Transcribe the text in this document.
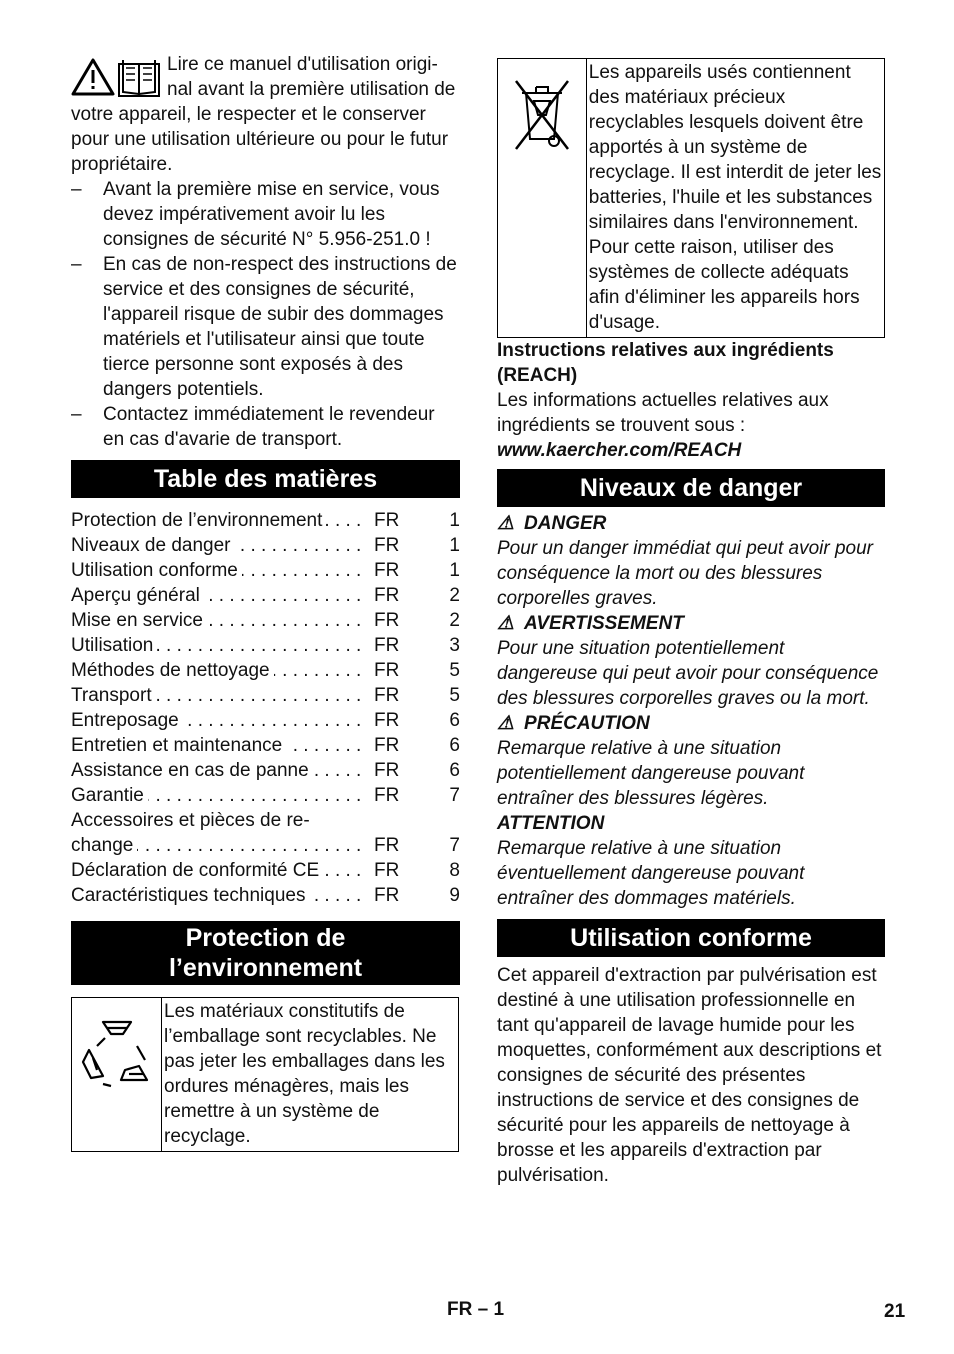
Lire ce manuel d'utilisation origi-nal avant la première utilisation de votre appareil, le respecter et le conserver pour une utilisation ultérieure ou pour le futur propriétaire.

– Avant la première mise en service, vous devez impérativement avoir lu les consignes de sécurité N° 5.956-251.0 !
– En cas de non-respect des instructions de service et des consignes de sécurité, l'appareil risque de subir des dommages matériels et l'utilisateur ainsi que toute tierce personne sont exposés à des dangers potentiels.
– Contactez immédiatement le revendeur en cas d'avarie de transport.
Table des matières
Protection de l’environnement . . .	FR	1
Niveaux de danger . . .	FR	1
Utilisation conforme . . .	FR	1
Aperçu général . . .	FR	2
Mise en service . . .	FR	2
Utilisation . . .	FR	3
Méthodes de nettoyage . . .	FR	5
Transport . . .	FR	5
Entreposage . . .	FR	6
Entretien et maintenance . . .	FR	6
Assistance en cas de panne . . .	FR	6
Garantie . . .	FR	7
Accessoires et pièces de re-
change . . .	FR	7
Déclaration de conformité CE . . .	FR	8
Caractéristiques techniques . . .	FR	9
Protection de l’environnement
Les matériaux constitutifs de l’emballage sont recyclables. Ne pas jeter les emballages dans les ordures ménagères, mais les remettre à un système de recyclage.
Les appareils usés contiennent des matériaux précieux recyclables lesquels doivent être apportés à un système de recyclage. Il est interdit de jeter les batteries, l'huile et les substances similaires dans l'environnement. Pour cette raison, utiliser des systèmes de collecte adéquats afin d'éliminer les appareils hors d'usage.
Instructions relatives aux ingrédients (REACH)
Les informations actuelles relatives aux ingrédients se trouvent sous :
www.kaercher.com/REACH
Niveaux de danger
⚠ DANGER
Pour un danger immédiat qui peut avoir pour conséquence la mort ou des blessures corporelles graves.
⚠ AVERTISSEMENT
Pour une situation potentiellement dangereuse qui peut avoir pour conséquence des blessures corporelles graves ou la mort.
⚠ PRÉCAUTION
Remarque relative à une situation potentiellement dangereuse pouvant entraîner des blessures légères.
ATTENTION
Remarque relative à une situation éventuellement dangereuse pouvant entraîner des dommages matériels.
Utilisation conforme
Cet appareil d'extraction par pulvérisation est destiné à une utilisation professionnelle en tant qu'appareil de lavage humide pour les moquettes, conformément aux descriptions et consignes de sécurité des présentes instructions de service et des consignes de sécurité pour les appareils de nettoyage à brosse et les appareils d'extraction par pulvérisation.
FR – 1	21
